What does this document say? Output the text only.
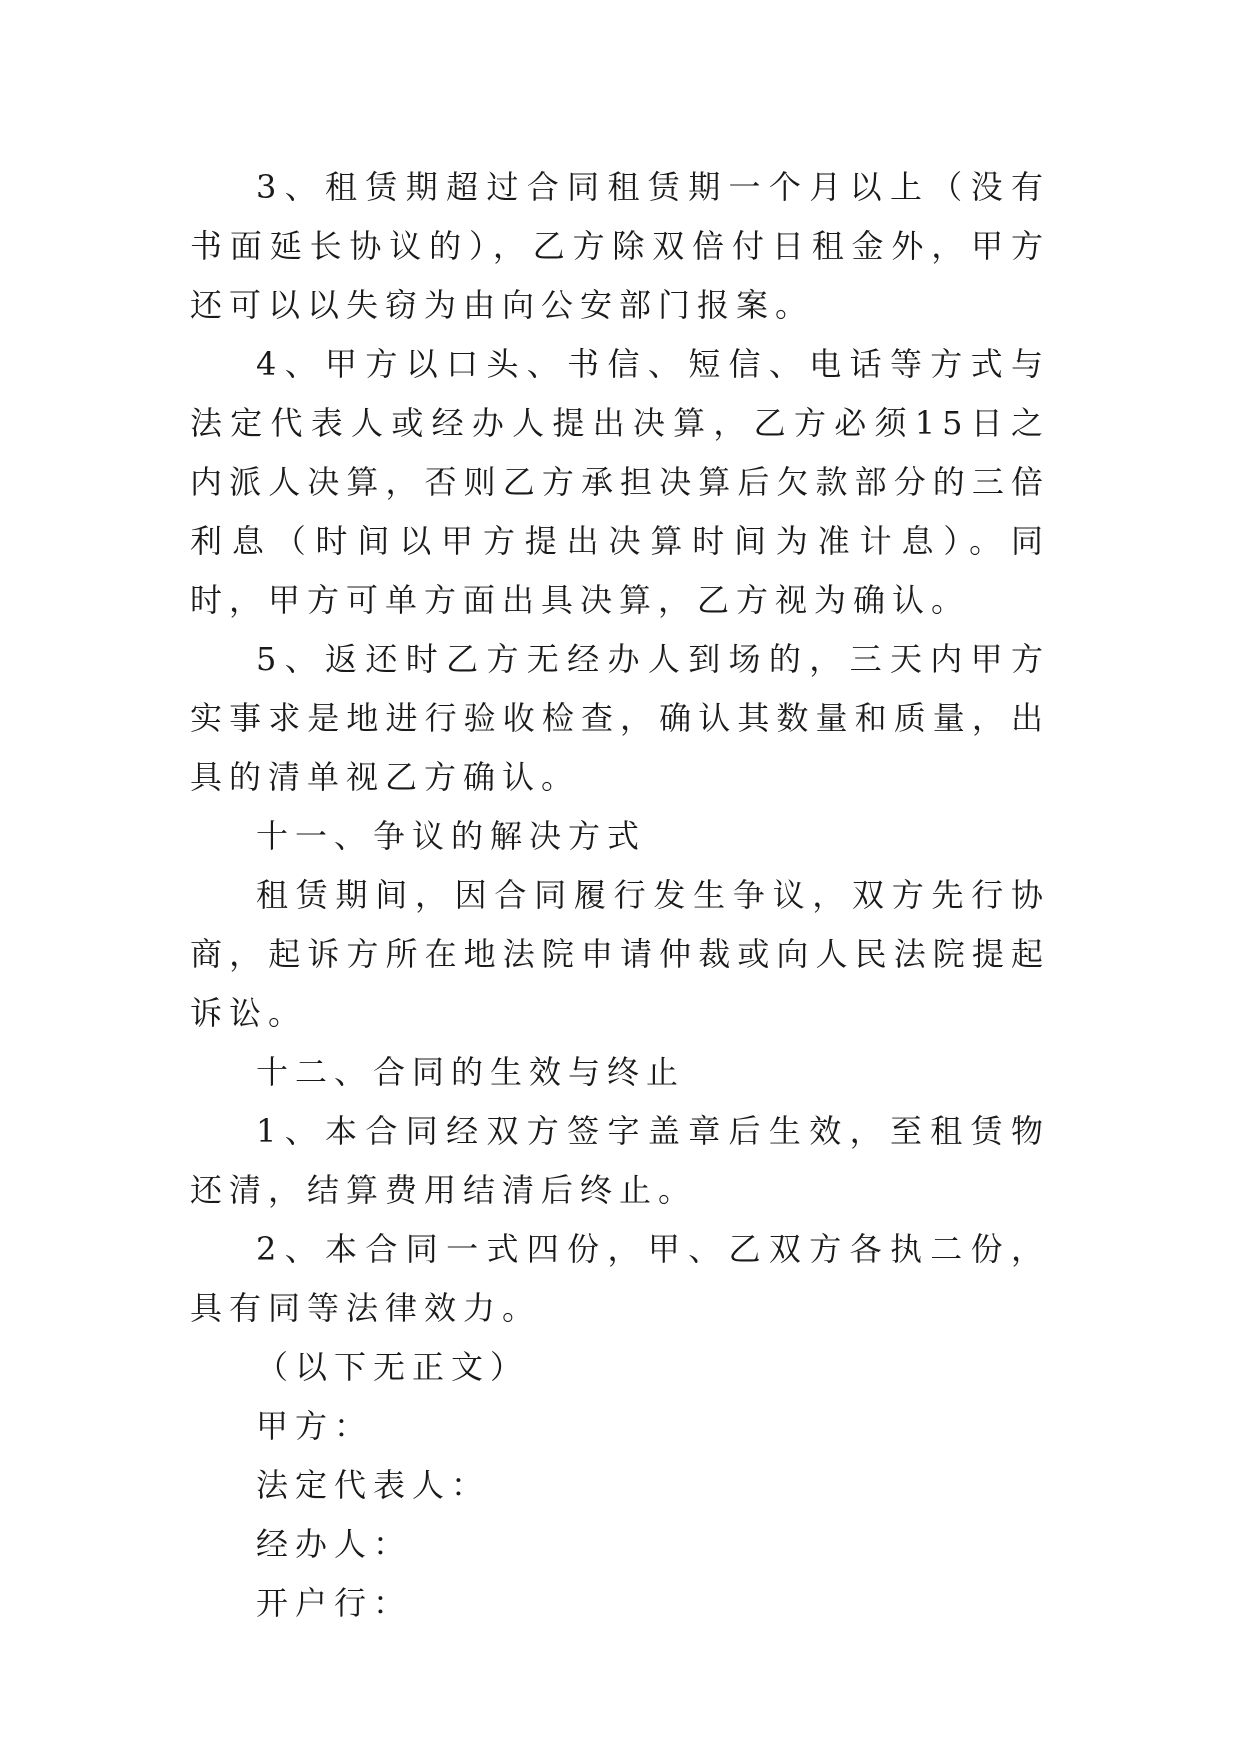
3、租赁期超过合同租赁期一个月以上（没有书面延长协议的），乙方除双倍付日租金外，甲方还可以以失窃为由向公安部门报案。

4、甲方以口头、书信、短信、电话等方式与法定代表人或经办人提出决算，乙方必须15日之内派人决算，否则乙方承担决算后欠款部分的三倍利息（时间以甲方提出决算时间为准计息）。同时，甲方可单方面出具决算，乙方视为确认。

5、返还时乙方无经办人到场的，三天内甲方实事求是地进行验收检查，确认其数量和质量，出具的清单视乙方确认。

十一、争议的解决方式

租赁期间，因合同履行发生争议，双方先行协商，起诉方所在地法院申请仲裁或向人民法院提起诉讼。

十二、合同的生效与终止

1、本合同经双方签字盖章后生效，至租赁物还清，结算费用结清后终止。

2、本合同一式四份，甲、乙双方各执二份，具有同等法律效力。

（以下无正文）

甲方：

法定代表人：

经办人：

开户行：
